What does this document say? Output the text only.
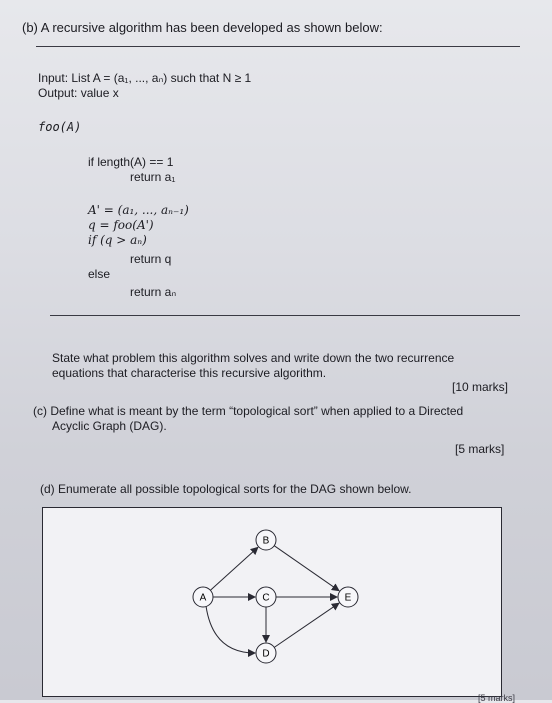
(b) A recursive algorithm has been developed as shown below:
Input: List A = (a₁, ..., aₙ) such that N ≥ 1
Output: value x
foo(A)
if length(A) == 1
return a₁
A' = (a₁, ..., aₙ₋₁)
q = foo(A')
if (q > aₙ)
return q
else
return aₙ
State what problem this algorithm solves and write down the two recurrence
equations that characterise this recursive algorithm.
[10 marks]
(c) Define what is meant by the term “topological sort” when applied to a Directed
Acyclic Graph (DAG).
[5 marks]
(d) Enumerate all possible topological sorts for the DAG shown below.
A
B
C
D
E
[5 marks]
